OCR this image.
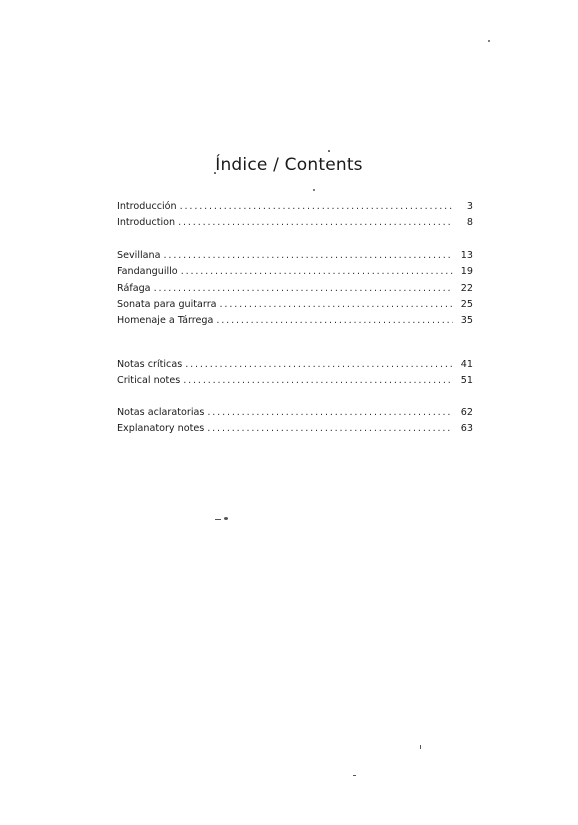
Índice / Contents
Introducción . . .	3
Introduction . . .	8
Sevillana . . .	13
Fandanguillo . . .	19
Ráfaga . . .	22
Sonata para guitarra . . .	25
Homenaje a Tárrega . . .	35
Notas críticas . . .	41
Critical notes . . .	51
Notas aclaratorias . . .	62
Explanatory notes . . .	63
